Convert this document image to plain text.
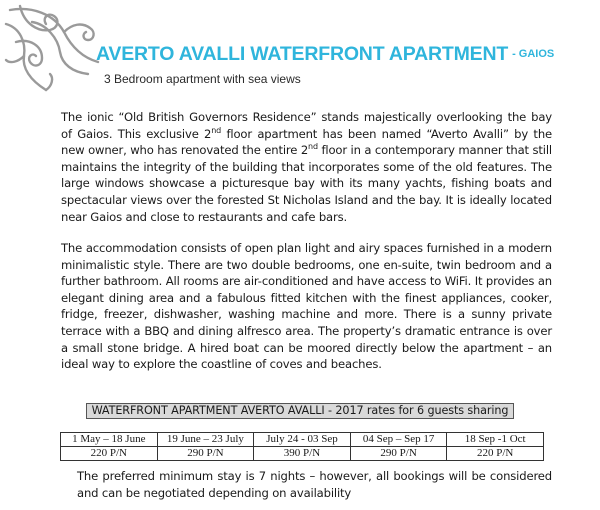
AVERTO AVALLI WATERFRONT APARTMENT - GAIOS

3 Bedroom apartment with sea views

The ionic “Old British Governors Residence” stands majestically overlooking the bay of Gaios. This exclusive 2nd floor apartment has been named “Averto Avalli” by the new owner, who has renovated the entire 2nd floor in a contemporary manner that still maintains the integrity of the building that incorporates some of the old features. The large windows showcase a picturesque bay with its many yachts, fishing boats and spectacular views over the forested St Nicholas Island and the bay. It is ideally located near Gaios and close to restaurants and cafe bars.

The accommodation consists of open plan light and airy spaces furnished in a modern minimalistic style. There are two double bedrooms, one en-suite, twin bedroom and a further bathroom. All rooms are air-conditioned and have access to WiFi. It provides an elegant dining area and a fabulous fitted kitchen with the finest appliances, cooker, fridge, freezer, dishwasher, washing machine and more. There is a sunny private terrace with a BBQ and dining alfresco area. The property’s dramatic entrance is over a small stone bridge. A hired boat can be moored directly below the apartment – an ideal way to explore the coastline of coves and beaches.

WATERFRONT APARTMENT AVERTO AVALLI - 2017 rates for 6 guests sharing
1 May – 18 June	19 June – 23 July	July 24 - 03 Sep	04 Sep – Sep 17	18 Sep -1 Oct
220 P/N	290 P/N	390 P/N	290 P/N	220 P/N

The preferred minimum stay is 7 nights – however, all bookings will be considered and can be negotiated depending on availability
